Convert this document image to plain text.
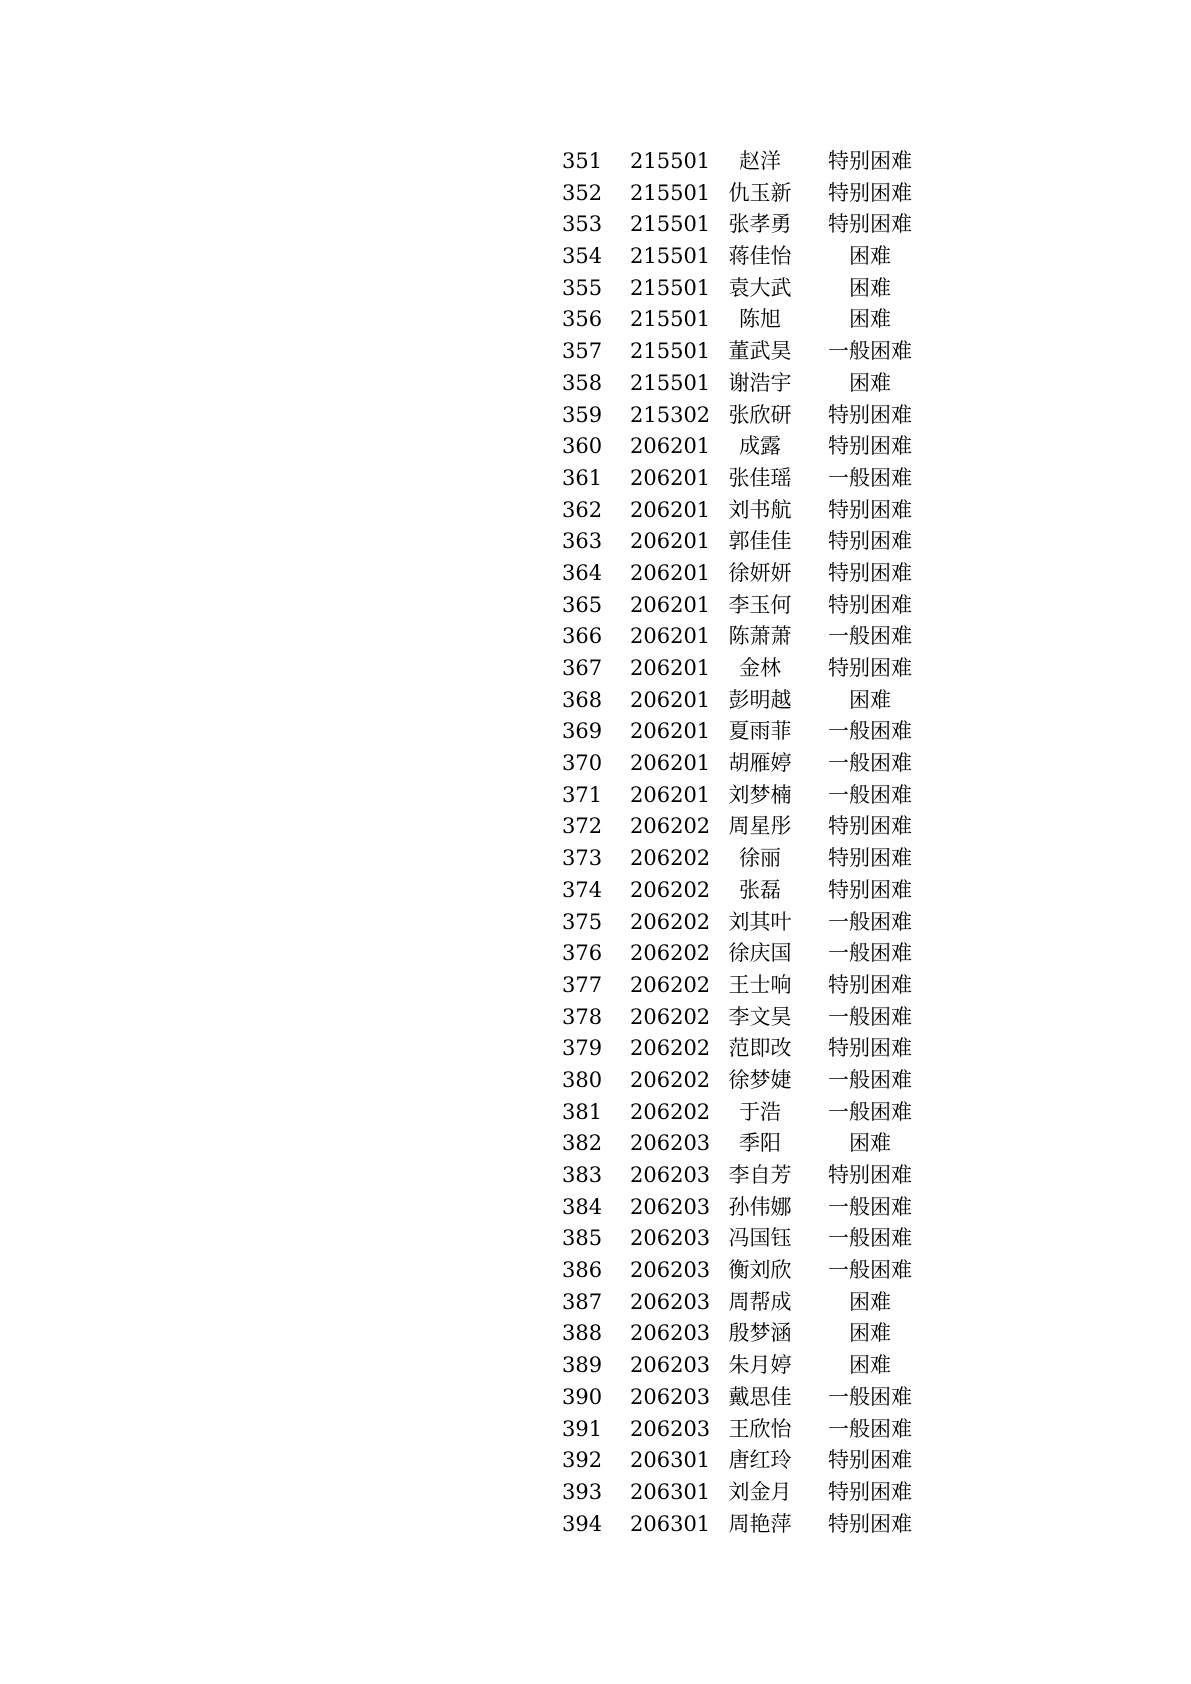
351	215501	赵洋	特别困难
352	215501 仇玉新	特别困难
353	215501 张孝勇	特别困难
354	215501 蒋佳怡	困难
355	215501 袁大武	困难
356	215501	陈旭	困难
357	215501 董武昊	一般困难
358	215501 谢浩宇	困难
359	215302 张欣研	特别困难
360	206201	成露	特别困难
361	206201 张佳瑶	一般困难
362	206201 刘书航	特别困难
363	206201 郭佳佳	特别困难
364	206201 徐妍妍	特别困难
365	206201 李玉何	特别困难
366	206201 陈萧萧	一般困难
367	206201	金林	特别困难
368	206201 彭明越	困难
369	206201 夏雨菲	一般困难
370	206201 胡雁婷	一般困难
371	206201 刘梦楠	一般困难
372	206202 周星彤	特别困难
373	206202	徐丽	特别困难
374	206202	张磊	特别困难
375	206202 刘其叶	一般困难
376	206202 徐庆国	一般困难
377	206202 王士响	特别困难
378	206202 李文昊	一般困难
379	206202 范即改	特别困难
380	206202 徐梦婕	一般困难
381	206202	于浩	一般困难
382	206203	季阳	困难
383	206203 李自芳	特别困难
384	206203 孙伟娜	一般困难
385	206203 冯国钰	一般困难
386	206203 衡刘欣	一般困难
387	206203 周帮成	困难
388	206203 殷梦涵	困难
389	206203 朱月婷	困难
390	206203 戴思佳	一般困难
391	206203 王欣怡	一般困难
392	206301 唐红玲	特别困难
393	206301 刘金月	特别困难
394	206301 周艳萍	特别困难
